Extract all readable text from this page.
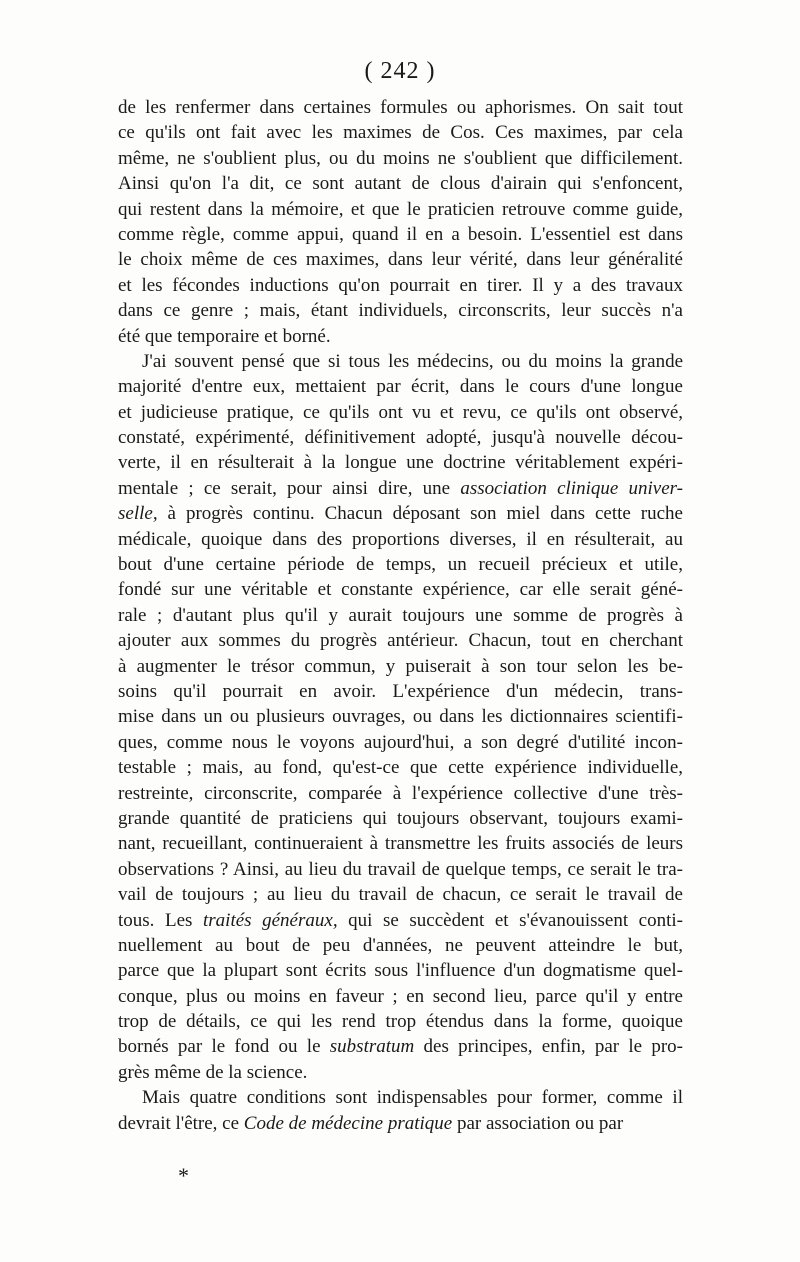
( 242 )
de les renfermer dans certaines formules ou aphorismes. On sait tout
ce qu'ils ont fait avec les maximes de Cos. Ces maximes, par cela
même, ne s'oublient plus, ou du moins ne s'oublient que difficilement.
Ainsi qu'on l'a dit, ce sont autant de clous d'airain qui s'enfoncent,
qui restent dans la mémoire, et que le praticien retrouve comme guide,
comme règle, comme appui, quand il en a besoin. L'essentiel est dans
le choix même de ces maximes, dans leur vérité, dans leur généralité
et les fécondes inductions qu'on pourrait en tirer. Il y a des travaux
dans ce genre ; mais, étant individuels, circonscrits, leur succès n'a
été que temporaire et borné.
J'ai souvent pensé que si tous les médecins, ou du moins la grande
majorité d'entre eux, mettaient par écrit, dans le cours d'une longue
et judicieuse pratique, ce qu'ils ont vu et revu, ce qu'ils ont observé,
constaté, expérimenté, définitivement adopté, jusqu'à nouvelle décou-
verte, il en résulterait à la longue une doctrine véritablement expéri-
mentale ; ce serait, pour ainsi dire, une association clinique univer-
selle, à progrès continu. Chacun déposant son miel dans cette ruche
médicale, quoique dans des proportions diverses, il en résulterait, au
bout d'une certaine période de temps, un recueil précieux et utile,
fondé sur une véritable et constante expérience, car elle serait géné-
rale ; d'autant plus qu'il y aurait toujours une somme de progrès à
ajouter aux sommes du progrès antérieur. Chacun, tout en cherchant
à augmenter le trésor commun, y puiserait à son tour selon les be-
soins qu'il pourrait en avoir. L'expérience d'un médecin, trans-
mise dans un ou plusieurs ouvrages, ou dans les dictionnaires scientifi-
ques, comme nous le voyons aujourd'hui, a son degré d'utilité incon-
testable ; mais, au fond, qu'est-ce que cette expérience individuelle,
restreinte, circonscrite, comparée à l'expérience collective d'une très-
grande quantité de praticiens qui toujours observant, toujours exami-
nant, recueillant, continueraient à transmettre les fruits associés de leurs
observations ? Ainsi, au lieu du travail de quelque temps, ce serait le tra-
vail de toujours ; au lieu du travail de chacun, ce serait le travail de
tous. Les traités généraux, qui se succèdent et s'évanouissent conti-
nuellement au bout de peu d'années, ne peuvent atteindre le but,
parce que la plupart sont écrits sous l'influence d'un dogmatisme quel-
conque, plus ou moins en faveur ; en second lieu, parce qu'il y entre
trop de détails, ce qui les rend trop étendus dans la forme, quoique
bornés par le fond ou le substratum des principes, enfin, par le pro-
grès même de la science.
Mais quatre conditions sont indispensables pour former, comme il
devrait l'être, ce Code de médecine pratique par association ou par
*
